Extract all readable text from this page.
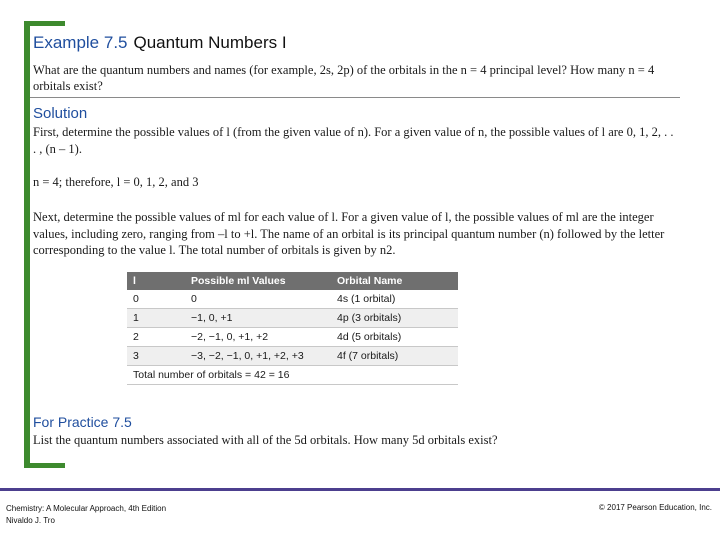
Example 7.5 Quantum Numbers I
What are the quantum numbers and names (for example, 2s, 2p) of the orbitals in the n = 4 principal level? How many n = 4 orbitals exist?
Solution
First, determine the possible values of l (from the given value of n). For a given value of n, the possible values of l are 0, 1, 2, . . . , (n – 1).
n = 4; therefore, l = 0, 1, 2, and 3
Next, determine the possible values of ml for each value of l. For a given value of l, the possible values of ml are the integer values, including zero, ranging from –l to +l. The name of an orbital is its principal quantum number (n) followed by the letter corresponding to the value l. The total number of orbitals is given by n2.
l	Possible ml Values	Orbital Name
0	0	4s (1 orbital)
1	−1, 0, +1	4p (3 orbitals)
2	−2, −1, 0, +1, +2	4d (5 orbitals)
3	−3, −2, −1, 0, +1, +2, +3	4f (7 orbitals)
Total number of orbitals = 42 = 16		
For Practice 7.5
List the quantum numbers associated with all of the 5d orbitals. How many 5d orbitals exist?
Chemistry: A Molecular Approach, 4th Edition
Nivaldo J. Tro
© 2017 Pearson Education, Inc.
